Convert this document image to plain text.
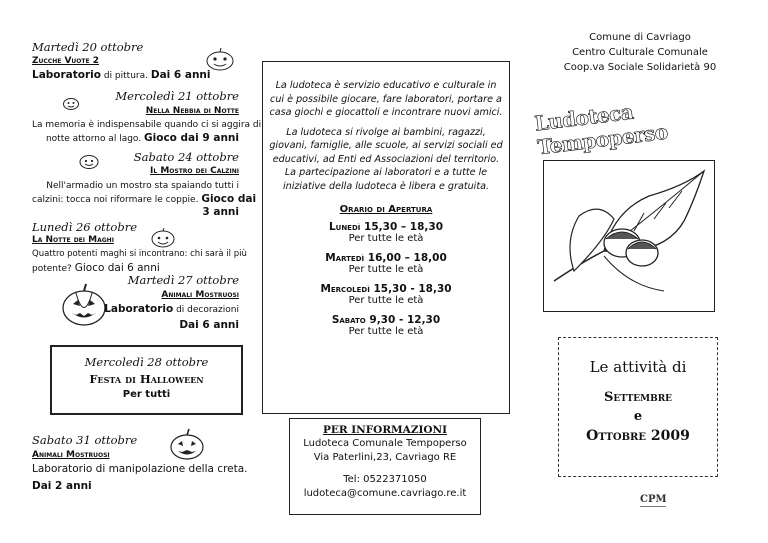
Martedì 20 ottobre
Zucche Vuote 2
Laboratorio di pittura. Dai 6 anni
Mercoledì 21 ottobre
Nella Nebbia di Notte
La memoria è indispensabile quando ci si aggira di
notte attorno al lago. Gioco dai 9 anni
Sabato 24 ottobre
Il Mostro dei Calzini
Nell'armadio un mostro sta spaiando tutti i
calzini: tocca noi riformare le coppie. Gioco dai
3 anni
Lunedì 26 ottobre
La Notte dei Maghi
Quattro potenti maghi si incontrano: chi sarà il più
potente? Gioco dai 6 anni
Martedì 27 ottobre
Animali Mostruosi
Laboratorio di decorazioni
Dai 6 anni
Mercoledì 28 ottobre
Festa di Halloween
Per tutti
Sabato 31 ottobre
Animali Mostruosi
Laboratorio di manipolazione della creta.
Dai 2 anni
La ludoteca è servizio educativo e culturale in cui è possibile giocare, fare laboratori, portare a casa giochi e giocattoli e incontrare nuovi amici.
La ludoteca si rivolge ai bambini, ragazzi, giovani, famiglie, alle scuole, ai servizi sociali ed educativi, ad Enti ed Associazioni del territorio.
La partecipazione ai laboratori e a tutte le iniziative della ludoteca è libera e gratuita.
Orario di Apertura
Lunedì 15,30 – 18,30
Per tutte le età
Martedì 16,00 – 18,00
Per tutte le età
Mercoledì 15,30 - 18,30
Per tutte le età
Sabato 9,30 - 12,30
Per tutte le età
PER INFORMAZIONI
Ludoteca Comunale Tempoperso
Via Paterlini,23, Cavriago RE
Tel: 0522371050
ludoteca@comune.cavriago.re.it
Comune di Cavriago
Centro Culturale Comunale
Coop.va Sociale Solidarietà 90
Ludoteca Tempoperso
Le attività di
Settembre
e
Ottobre 2009
CPM
